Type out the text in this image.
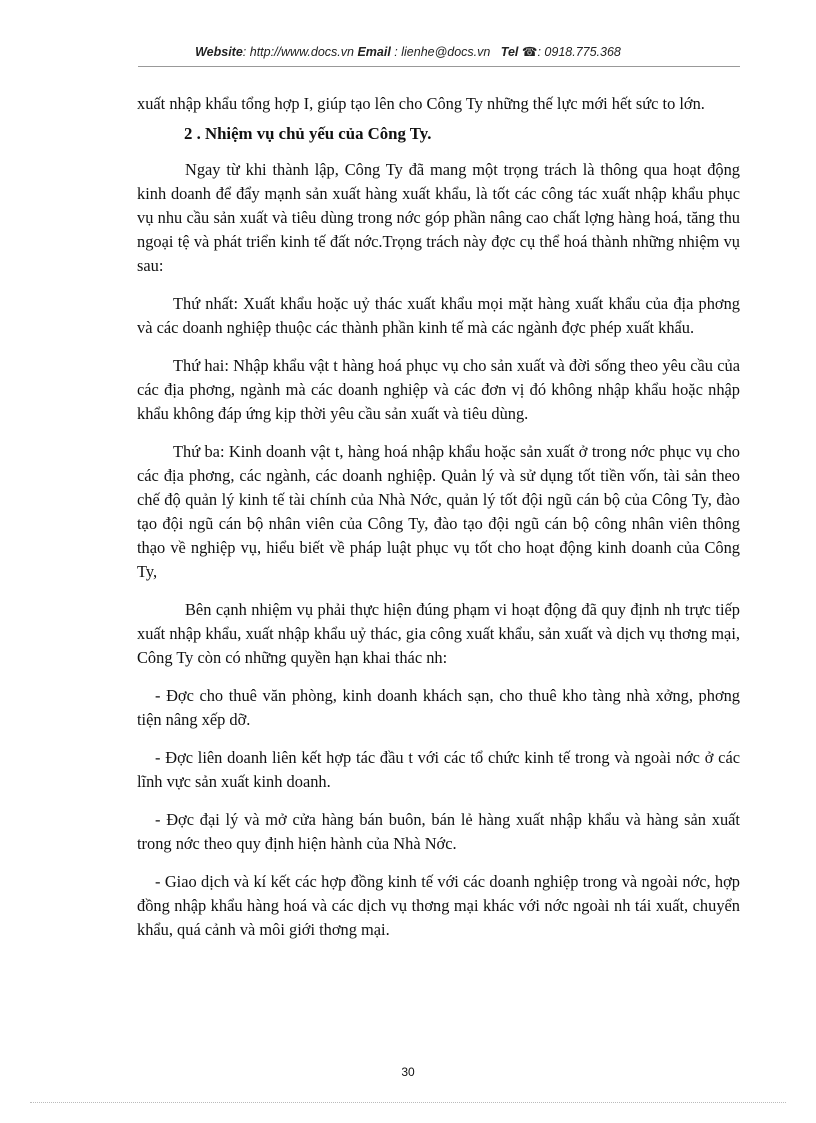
Website: http://www.docs.vn Email : lienhe@docs.vn Tel ☎: 0918.775.368

xuất nhập khẩu tổng hợp I, giúp tạo lên cho Công Ty những thế lực mới hết sức to lớn.

2 . Nhiệm vụ chủ yếu của Công Ty.

Ngay từ khi thành lập, Công Ty đã mang một trọng trách là thông qua hoạt động kinh doanh để đẩy mạnh sản xuất hàng xuất khẩu, là tốt các công tác xuất nhập khẩu phục vụ nhu cầu sản xuất và tiêu dùng trong nớc góp phần nâng cao chất lợng hàng hoá, tăng thu ngoại tệ và phát triển kinh tế đất nớc.Trọng trách này đợc cụ thể hoá thành những nhiệm vụ sau:

Thứ nhất: Xuất khẩu hoặc uỷ thác xuất khẩu mọi mặt hàng xuất khẩu của địa phơng và các doanh nghiệp thuộc các thành phần kinh tế mà các ngành đợc phép xuất khẩu.

Thứ hai: Nhập khẩu vật t hàng hoá phục vụ cho sản xuất và đời sống theo yêu cầu của các địa phơng, ngành mà các doanh nghiệp và các đơn vị đó không nhập khẩu hoặc nhập khẩu không đáp ứng kịp thời yêu cầu sản xuất và tiêu dùng.

Thứ ba: Kinh doanh vật t, hàng hoá nhập khẩu hoặc sản xuất ở trong nớc phục vụ cho các địa phơng, các ngành, các doanh nghiệp. Quản lý và sử dụng tốt tiền vốn, tài sản theo chế độ quản lý kinh tế tài chính của Nhà Nớc, quản lý tốt đội ngũ cán bộ của Công Ty, đào tạo đội ngũ cán bộ nhân viên của Công Ty, đào tạo đội ngũ cán bộ công nhân viên thông thạo về nghiệp vụ, hiểu biết về pháp luật phục vụ tốt cho hoạt động kinh doanh của Công Ty,

Bên cạnh nhiệm vụ phải thực hiện đúng phạm vi hoạt động đã quy định nh trực tiếp xuất nhập khẩu, xuất nhập khẩu uỷ thác, gia công xuất khẩu, sản xuất và dịch vụ thơng mại, Công Ty còn có những quyền hạn khai thác nh:

- Đợc cho thuê văn phòng, kinh doanh khách sạn, cho thuê kho tàng nhà xởng, phơng tiện nâng xếp dỡ.

- Đợc liên doanh liên kết hợp tác đầu t với các tổ chức kinh tế trong và ngoài nớc ở các lĩnh vực sản xuất kinh doanh.

- Đợc đại lý và mở cửa hàng bán buôn, bán lẻ hàng xuất nhập khẩu và hàng sản xuất trong nớc theo quy định hiện hành của Nhà Nớc.

- Giao dịch và kí kết các hợp đồng kinh tế với các doanh nghiệp trong và ngoài nớc, hợp đồng nhập khẩu hàng hoá và các dịch vụ thơng mại khác với nớc ngoài nh tái xuất, chuyển khẩu, quá cảnh và môi giới thơng mại.

30
